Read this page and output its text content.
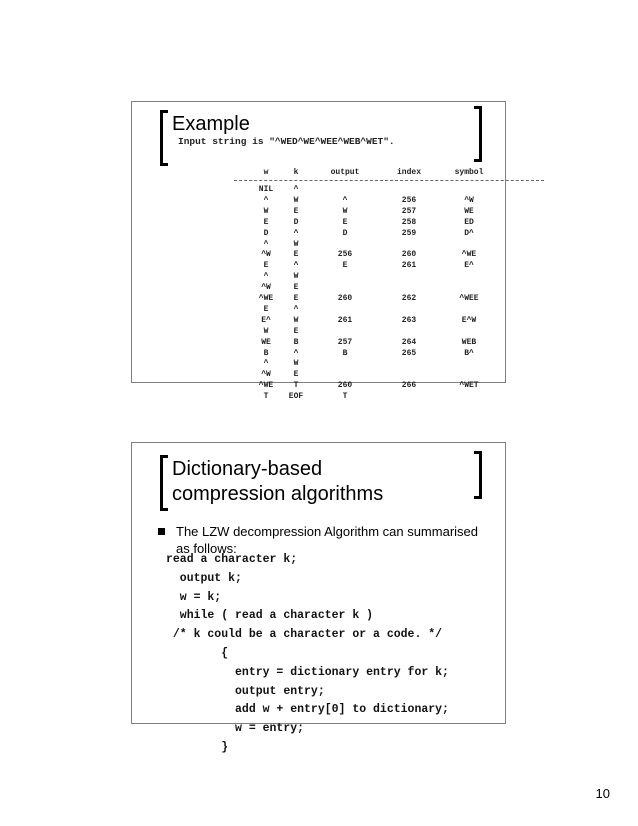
Example
Input string is "^WED^WE^WEE^WEB^WET".
w	k	output	index	symbol
NIL	^
^	W	^	256	^W
W	E	W	257	WE
E	D	E	258	ED
D	^	D	259	D^
^	W
^W	E	256	260	^WE
E	^	E	261	E^
^	W
^W	E
^WE	E	260	262	^WEE
E	^
E^	W	261	263	E^W
W	E
WE	B	257	264	WEB
B	^	B	265	B^
^	W
^W	E
^WE	T	260	266	^WET
T	EOF	T
Dictionary-based
compression algorithms
The LZW decompression Algorithm can summarised as follows:
read a character k;
output k;
w = k;
while ( read a character k )
/* k could be a character or a code. */
{
entry = dictionary entry for k;
output entry;
add w + entry[0] to dictionary;
w = entry;
}
10
